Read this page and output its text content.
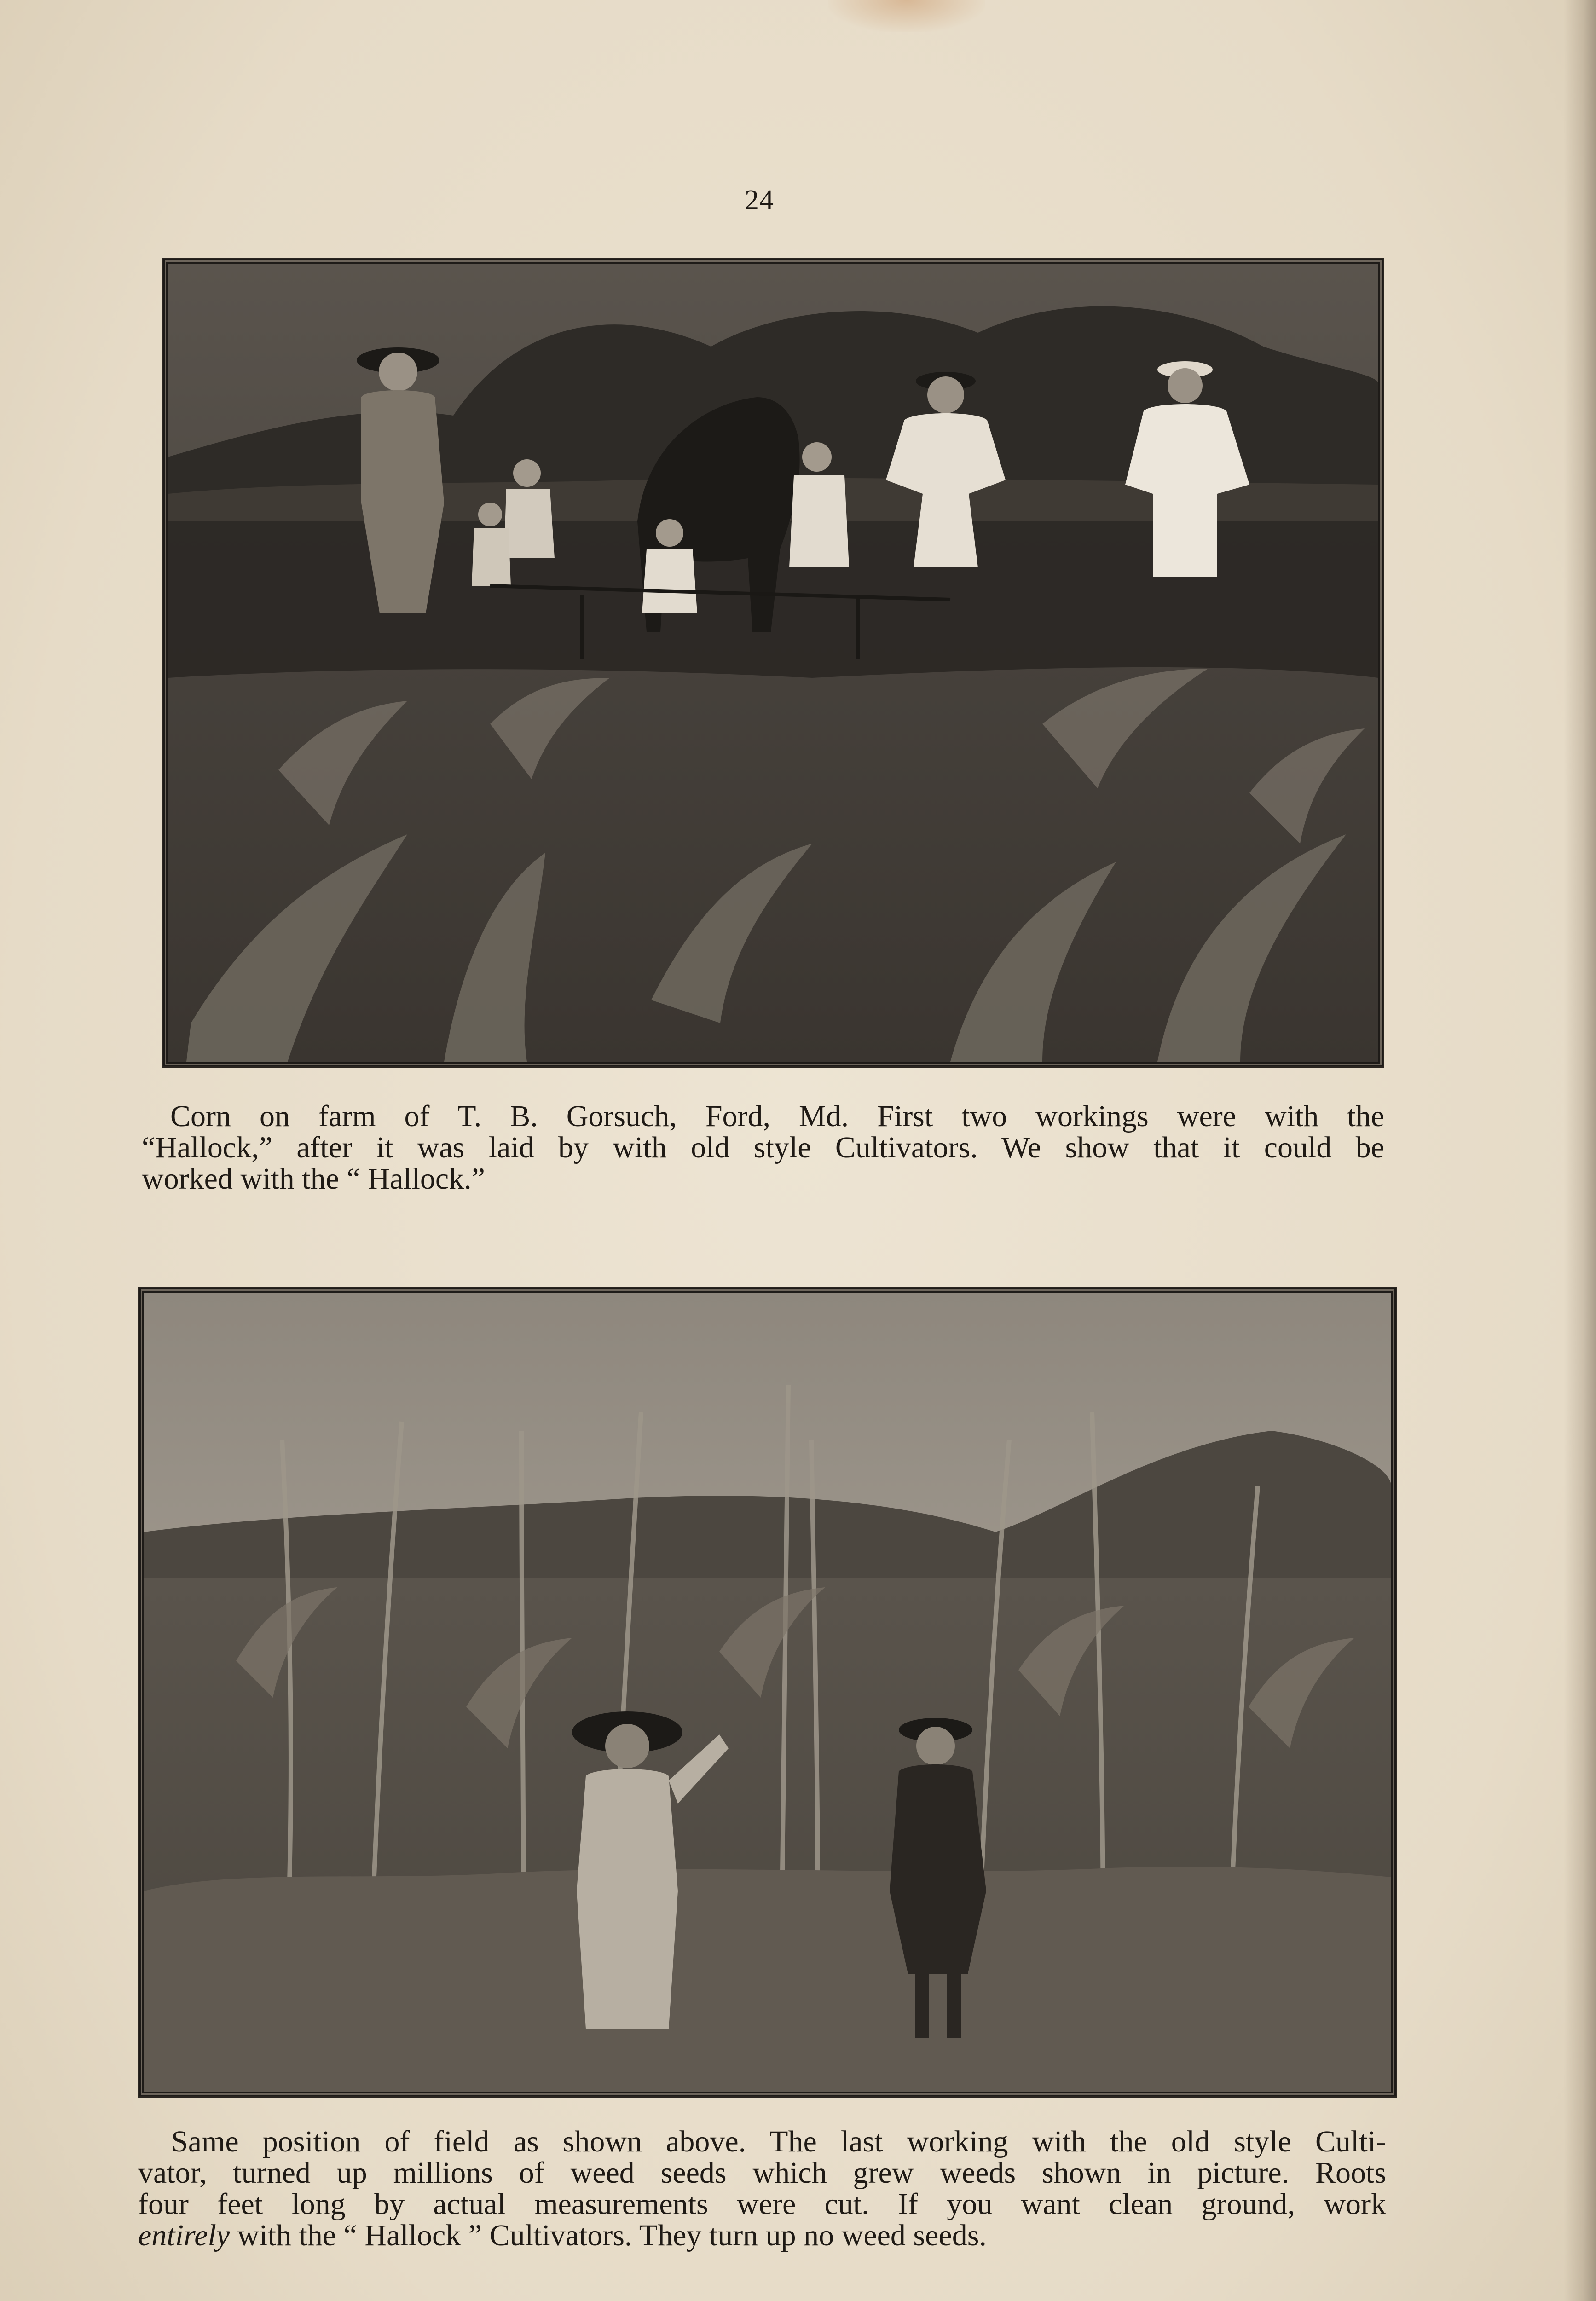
24
Corn on farm of T. B. Gorsuch, Ford, Md. First two workings were with the
“Hallock,” after it was laid by with old style Cultivators. We show that it could be
worked with the “ Hallock.”
Same position of field as shown above. The last working with the old style Culti-
vator, turned up millions of weed seeds which grew weeds shown in picture. Roots
four feet long by actual measurements were cut. If you want clean ground, work
entirely with the “ Hallock ” Cultivators. They turn up no weed seeds.
